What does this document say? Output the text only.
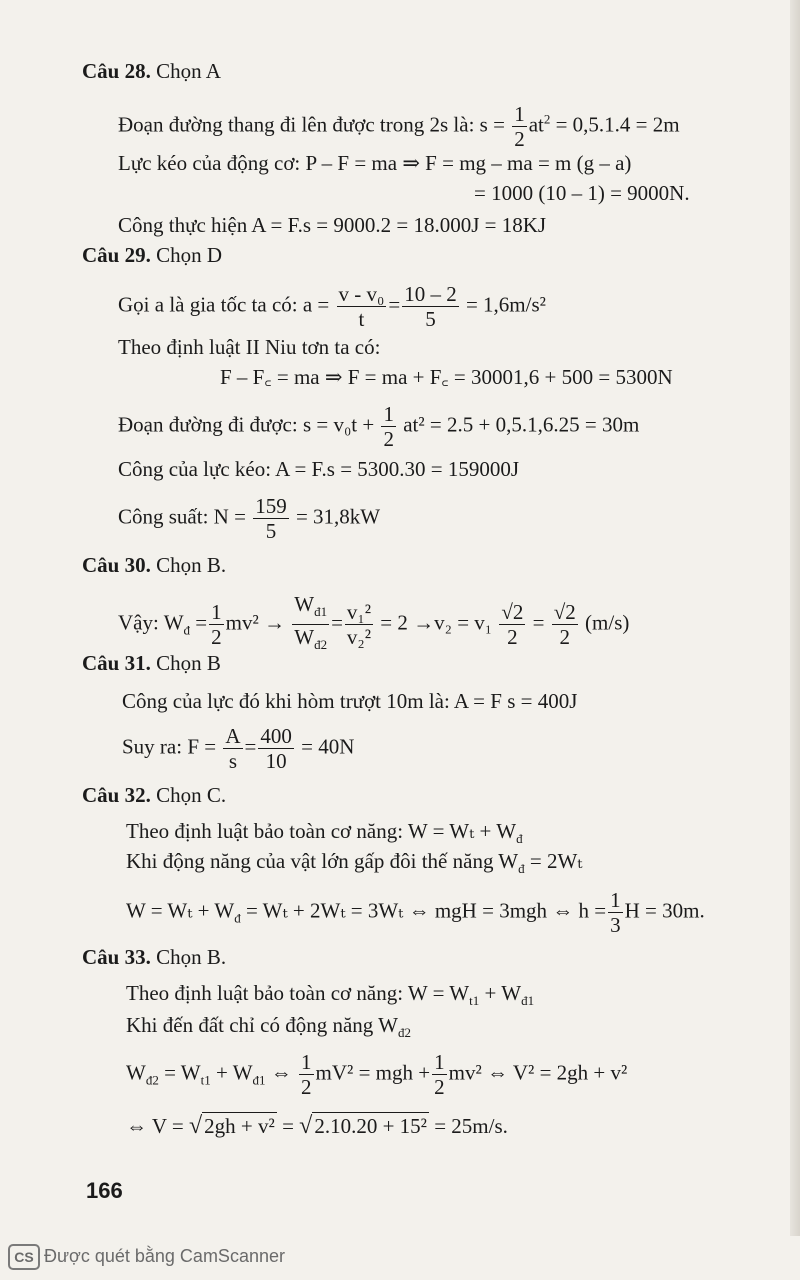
Câu 28. Chọn A
Đoạn đường thang đi lên được trong 2s là: $s = \frac{1}{2} at^2 = 0,5.1.4 = 2m$
Lực kéo của động cơ: P – F = ma ⇒ F = mg – ma = m (g – a)
= 1000 (10 – 1) = 9000N.
Công thực hiện A = F.s = 9000.2 = 18.000J = 18KJ
Câu 29. Chọn D
Gọi a là gia tốc ta có: $a = \frac{\text{v - v₀}}{t} = \frac{10 - 2}{5} = 1,6m/s^2$
Theo định luật II Niu tơn ta có:
F – F꜀ = ma ⇒ F = ma + F꜀ = 30001,6 + 500 = 5300N
Đoạn đường đi được: $s = v_0t + \frac{1}{2} at^2 = 2.5 + 0,5.1,6.25 = 30m$
Công của lực kéo: A = F.s = 5300.30 = 159000J
Công suất: $N = \frac{159}{5} = 31,8kW$
Câu 30. Chọn B.
Vậy: $W_đ = \frac{1}{2} mv^2 \to \frac{W_{đ1}}{W_{đ2}} = \frac{\text{v₁²}}{\text{v₂²}} = 2 \to v_2 = v_1 \frac{√2}{2} = \frac{√2}{2} (m/s)$
Câu 31. Chọn B
Công của lực đó khi hòm trượt 10m là: A = F s = 400J
Suy ra: $F = \frac{A}{s} = \frac{400}{10} = 40N$
Câu 32. Chọn C.
Theo định luật bảo toàn cơ năng: $W = W_t + W_đ$
Khi động năng của vật lớn gấp đôi thế năng $W_đ = 2W_t$
$W = W_t + W_đ = W_t + 2W_t = 3W_t$ ⇔ mgH = 3mgh ⇔ $h = \frac{1}{3}$ H = 30m.
Câu 33. Chọn B.
Theo định luật bảo toàn cơ năng: $W = W_{t1} + W_{đ1}$
Khi đến đất chỉ có động năng $W_{đ2}$
$W_{đ2} = W_{t1} + W_{đ1}$ ⇔ $\frac{1}{2} mV^2$ = mgh + $\frac{1}{2} mv^2$ ⇔ V² = 2gh + v²
⇔ V = √2gh + v² = √2.10.20 + 15² = 25m/s.
166
CS Được quét bằng CamScanner
